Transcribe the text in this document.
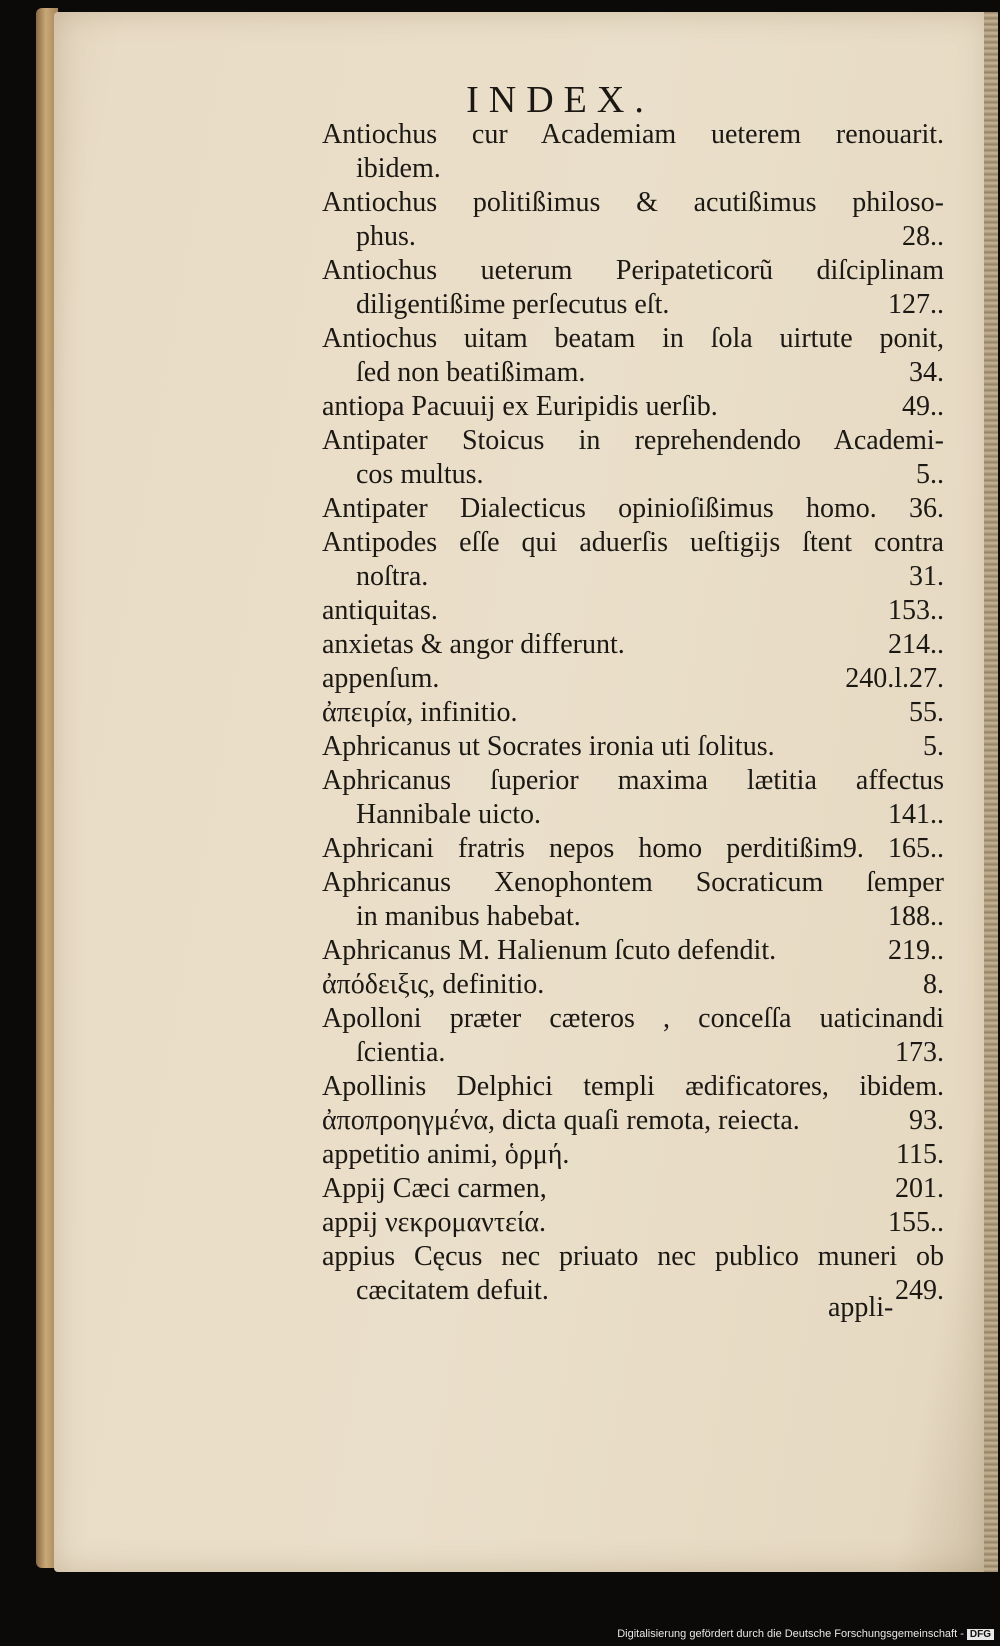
INDEX.
Antiochus cur Academiam ueterem renouarit.
ibidem.
Antiochus politißimus & acutißimus philoso-
phus.	28..
Antiochus ueterum Peripateticorũ diſciplinam
diligentißime perſecutus eſt.	127..
Antiochus uitam beatam in ſola uirtute ponit,
ſed non beatißimam.	34.
antiopa Pacuuij ex Euripidis uerſib.	49..
Antipater Stoicus in reprehendendo Academi-
cos multus.	5..
Antipater Dialecticus opinioſißimus homo. 36.
Antipodes eſſe qui aduerſis ueſtigijs ſtent contra
noſtra.	31.
antiquitas.	153..
anxietas & angor differunt.	214..
appenſum.	240.l.27.
ἀπειρία, infinitio.	55.
Aphricanus ut Socrates ironia uti ſolitus.	5.
Aphricanus ſuperior maxima lætitia affectus
Hannibale uicto.	141..
Aphricani fratris nepos homo perditißim9. 165..
Aphricanus Xenophontem Socraticum ſemper
in manibus habebat.	188..
Aphricanus M. Halienum ſcuto defendit.	219..
ἀπόδειξις, definitio.	8.
Apolloni præter cæteros , conceſſa uaticinandi
ſcientia.	173.
Apollinis Delphici templi ædificatores, ibidem.
ἀποπροηγμένα, dicta quaſi remota, reiecta.	93.
appetitio animi, ὁρμή.	115.
Appij Cæci carmen,	201.
appij νεκρομαντεία.	155..
appius Cęcus nec priuato nec publico muneri ob
cæcitatem defuit.	249.
appli-
Digitalisierung gefördert durch die Deutsche Forschungsgemeinschaft - DFG
